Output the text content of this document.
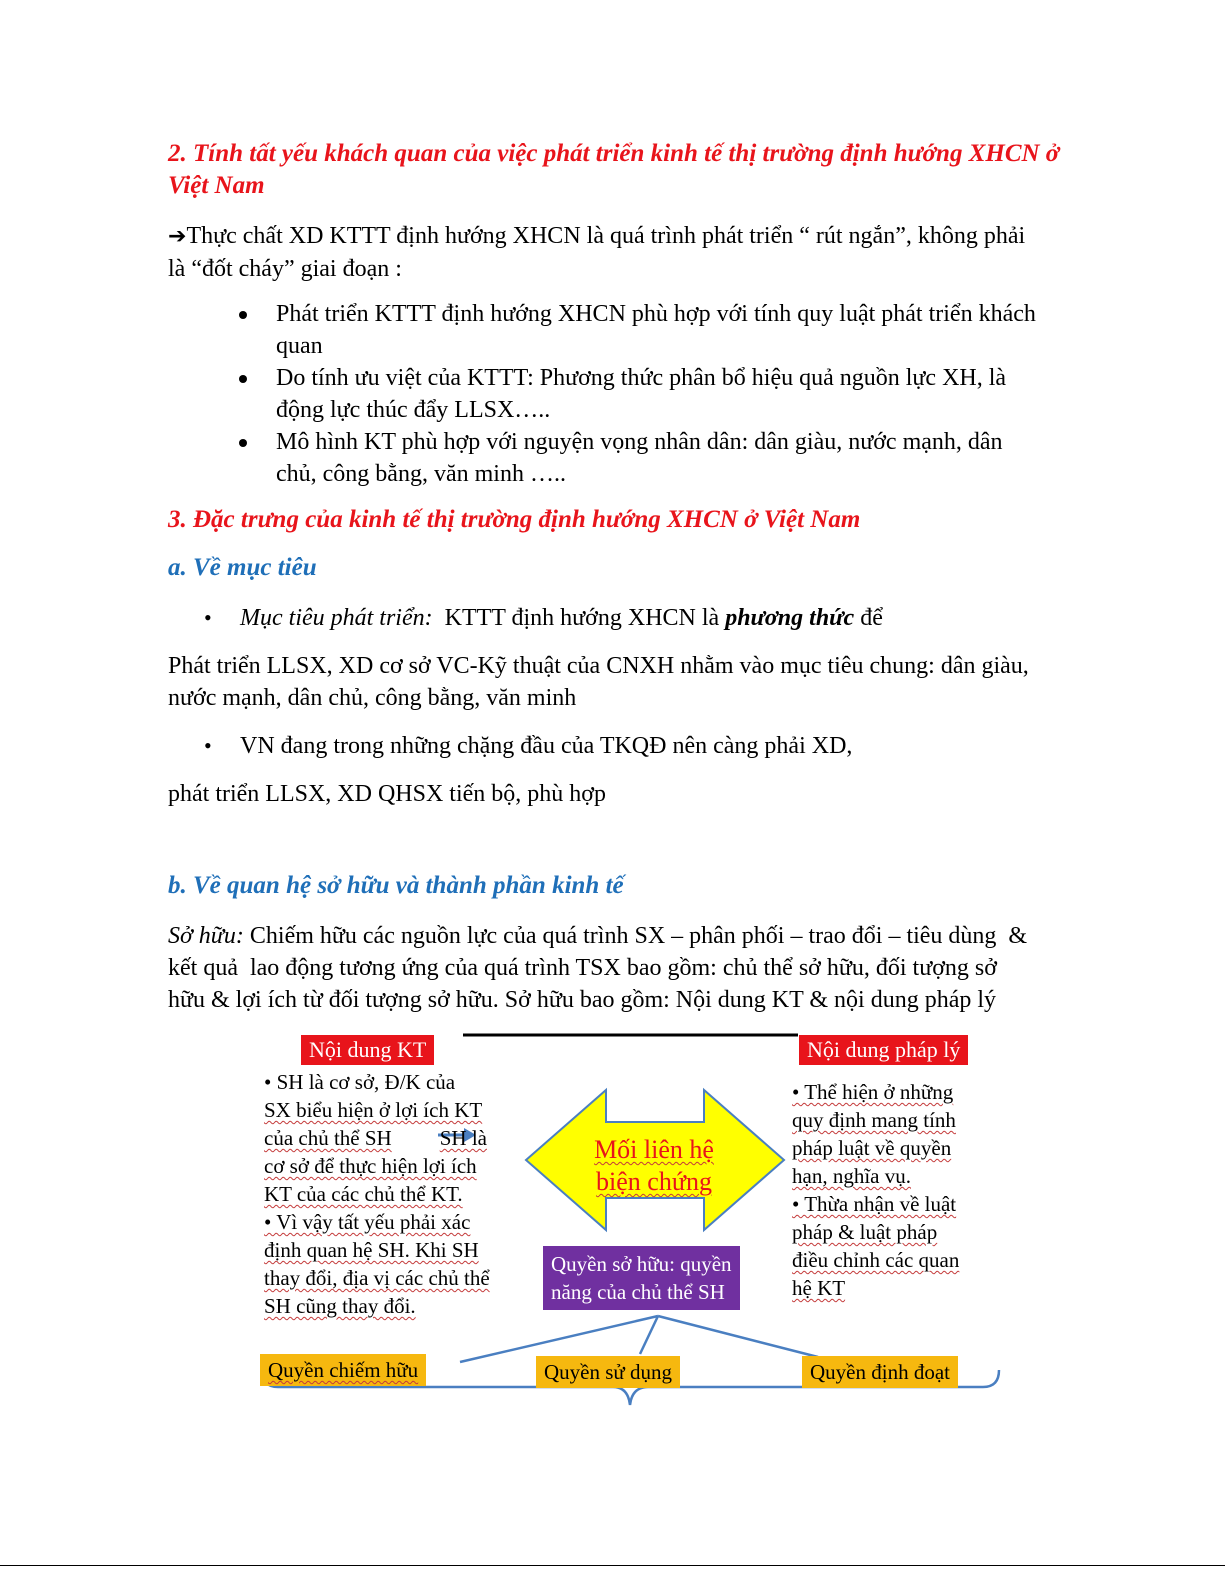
2. Tính tất yếu khách quan của việc phát triển kinh tế thị trường định hướng XHCN ở
Việt Nam
➔Thực chất XD KTTT định hướng XHCN là quá trình phát triển “ rút ngắn”, không phải
là “đốt cháy” giai đoạn :
Phát triển KTTT định hướng XHCN phù hợp với tính quy luật phát triển khách
quan
Do tính ưu việt của KTTT: Phương thức phân bổ hiệu quả nguồn lực XH, là
động lực thúc đẩy LLSX…..
Mô hình KT phù hợp với nguyện vọng nhân dân: dân giàu, nước mạnh, dân
chủ, công bằng, văn minh …..
3. Đặc trưng của kinh tế thị trường định hướng XHCN ở Việt Nam
a. Về mục tiêu
• Mục tiêu phát triển:  KTTT định hướng XHCN là phương thức để
Phát triển LLSX, XD cơ sở VC-Kỹ thuật của CNXH nhằm vào mục tiêu chung: dân giàu,
nước mạnh, dân chủ, công bằng, văn minh
• VN đang trong những chặng đầu của TKQĐ nên càng phải XD,
phát triển LLSX, XD QHSX tiến bộ, phù hợp
b. Về quan hệ sở hữu và thành phần kinh tế
Sở hữu: Chiếm hữu các nguồn lực của quá trình SX – phân phối – trao đổi – tiêu dùng  &
kết quả  lao động tương ứng của quá trình TSX bao gồm: chủ thể sở hữu, đối tượng sở
hữu & lợi ích từ đối tượng sở hữu. Sở hữu bao gồm: Nội dung KT & nội dung pháp lý
Nội dung KT	Nội dung pháp lý
• SH là cơ sở, Đ/K của
SX biểu hiện ở lợi ích KT
của chủ thể SH SH là
cơ sở để thực hiện lợi ích
KT của các chủ thể KT.
• Vì vậy tất yếu phải xác
định quan hệ SH. Khi SH
thay đổi, địa vị các chủ thể
SH cũng thay đổi.
Mối liên hệ
biện chứng
Quyền sở hữu: quyền
năng của chủ thể SH
• Thể hiện ở những
quy định mang tính
pháp luật về quyền
hạn, nghĩa vụ.
• Thừa nhận về luật
pháp & luật pháp
điều chỉnh các quan
hệ KT
Quyền chiếm hữu	Quyền sử dụng	Quyền định đoạt
